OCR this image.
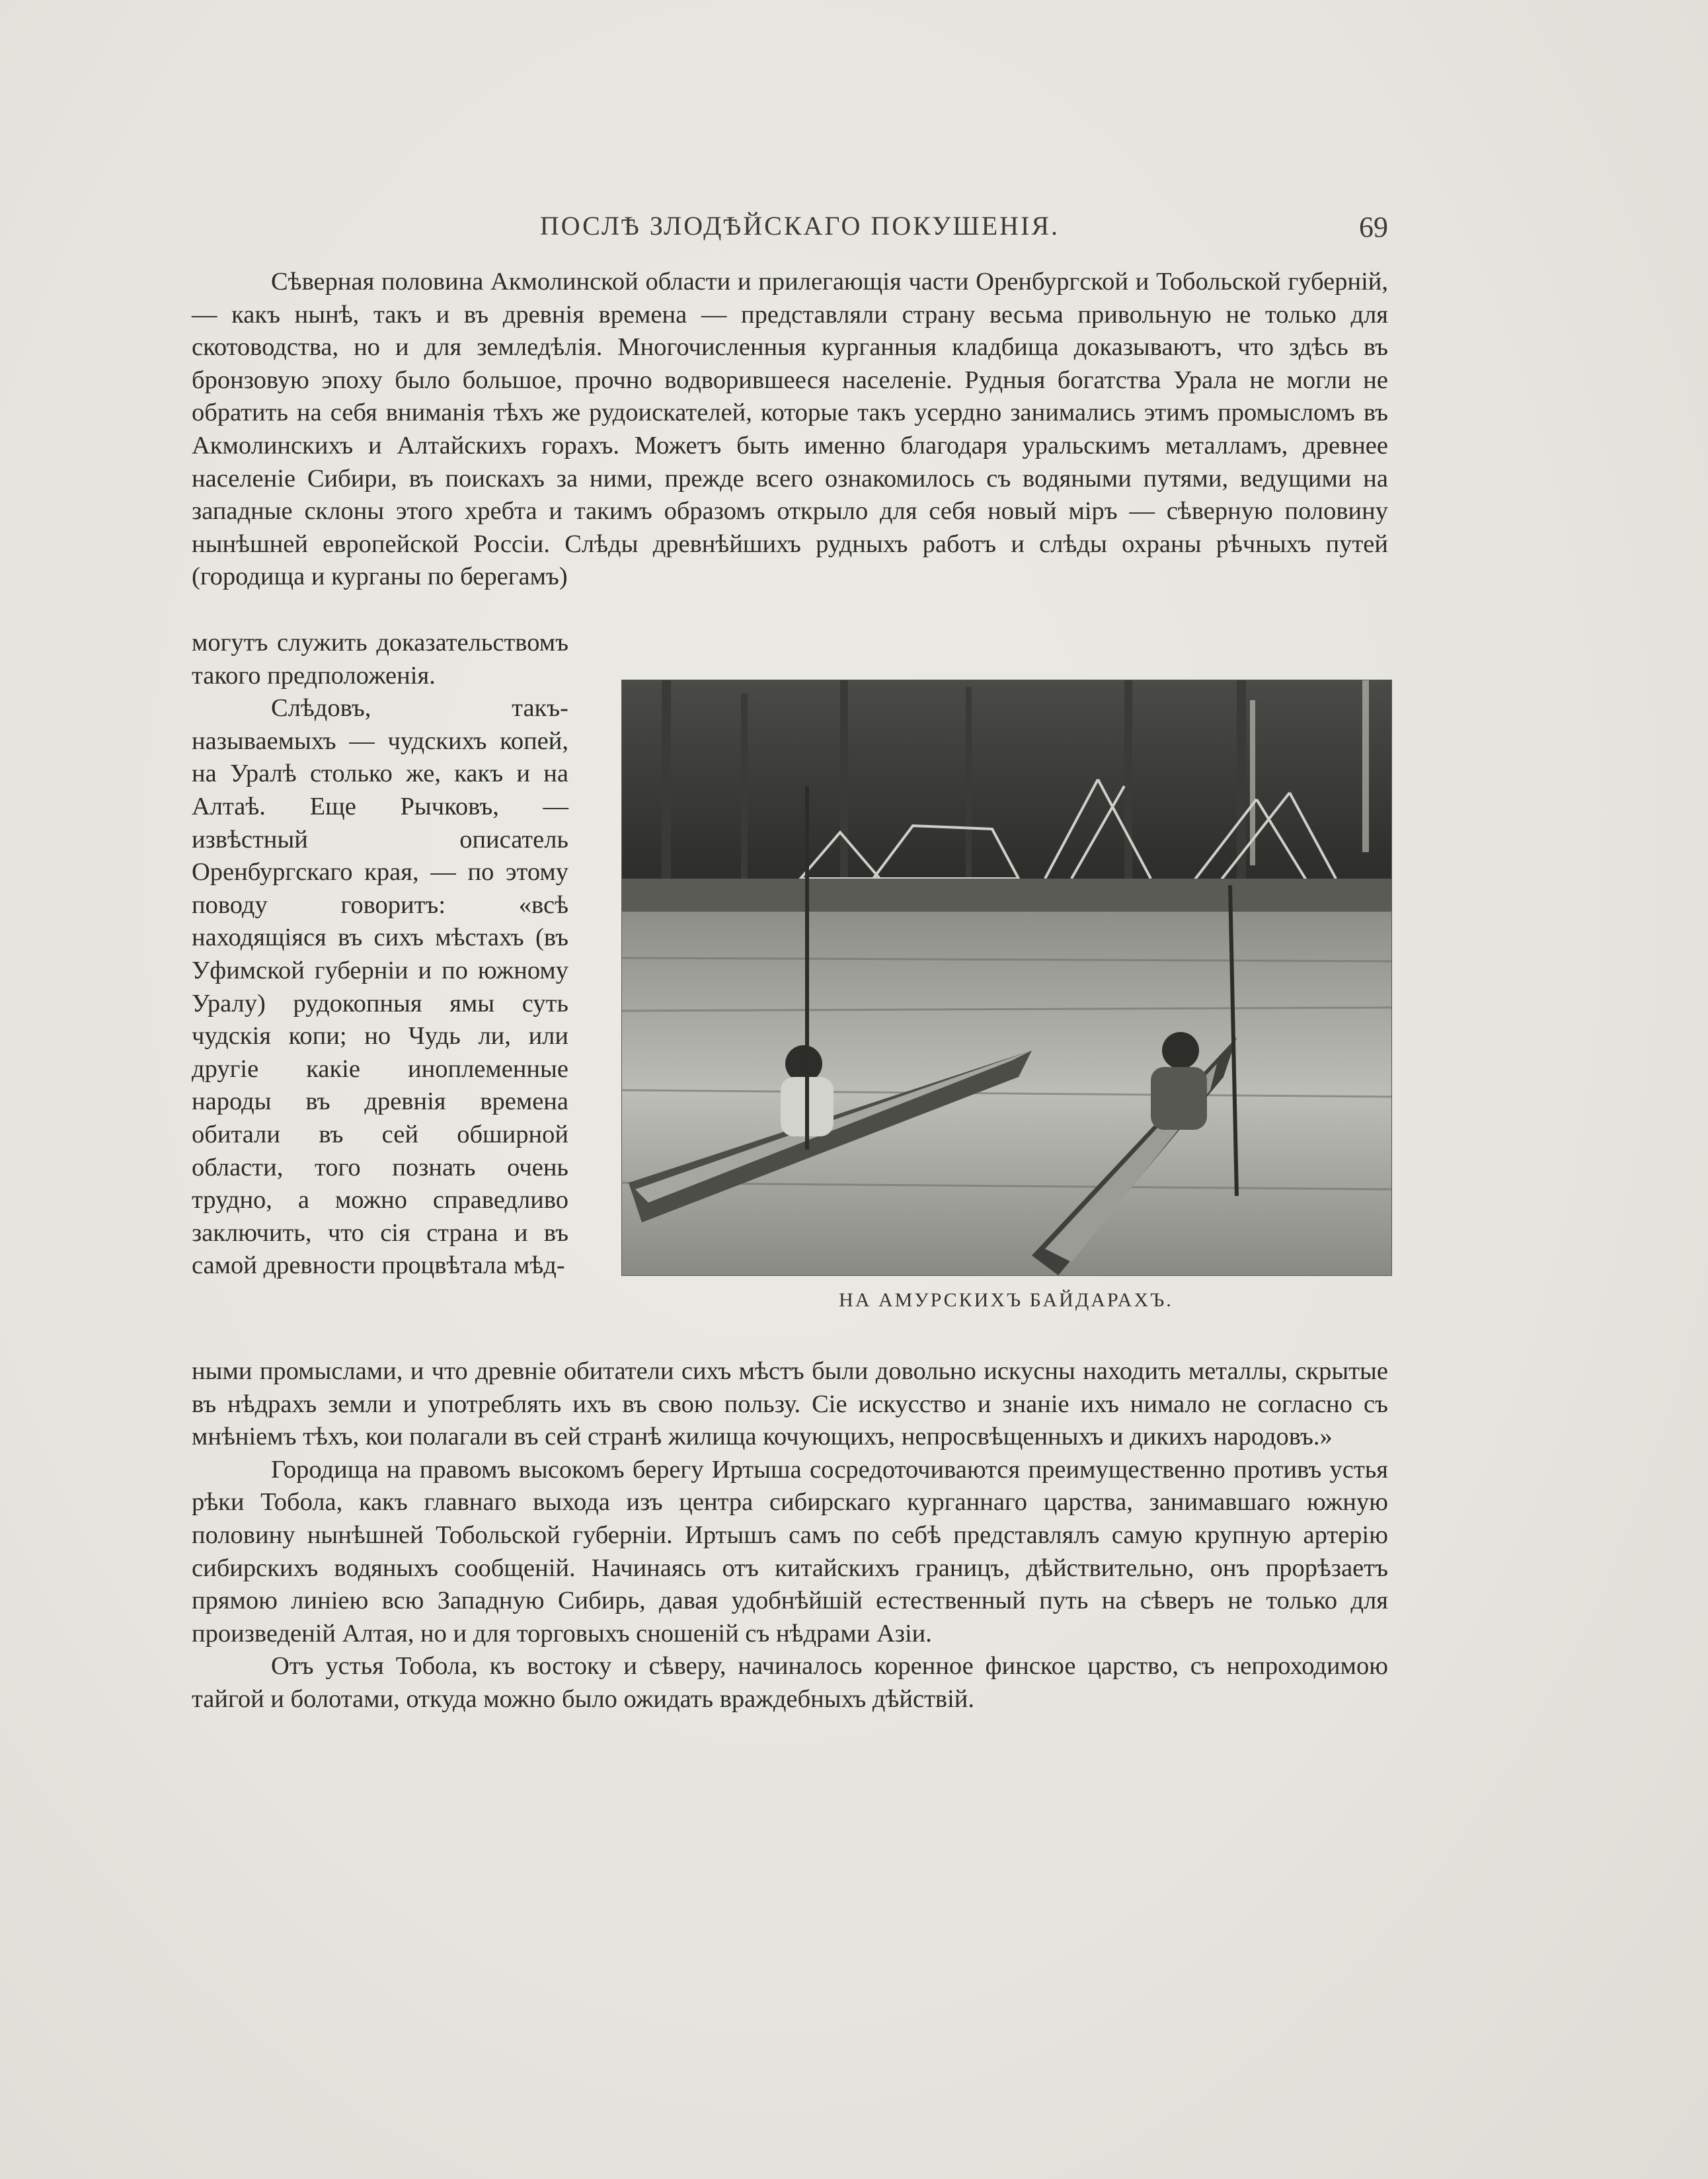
ПОСЛѢ ЗЛОДѢЙСКАГО ПОКУШЕНІЯ.	69

Сѣверная половина Акмолинской области и прилегающія части Оренбургской и Тобольской губерній, — какъ нынѣ, такъ и въ древнія времена — представляли страну весьма привольную не только для скотоводства, но и для земледѣлія. Многочисленныя курганныя кладбища доказываютъ, что здѣсь въ бронзовую эпоху было большое, прочно водворившееся населеніе. Рудныя богатства Урала не могли не обратить на себя вниманія тѣхъ же рудоискателей, которые такъ усердно занимались этимъ промысломъ въ Акмолинскихъ и Алтайскихъ горахъ. Можетъ быть именно благодаря уральскимъ металламъ, древнее населеніе Сибири, въ поискахъ за ними, прежде всего ознакомилось съ водяными путями, ведущими на западные склоны этого хребта и такимъ образомъ открыло для себя новый міръ — сѣверную половину нынѣшней европейской Россіи. Слѣды древнѣйшихъ рудныхъ работъ и слѣды охраны рѣчныхъ путей (городища и курганы по берегамъ)

могутъ служить доказательствомъ такого предположенія.

Слѣдовъ, такъ-называемыхъ — чудскихъ копей, на Уралѣ столько же, какъ и на Алтаѣ. Еще Рычковъ, — извѣстный описатель Оренбургскаго края, — по этому поводу говоритъ: «всѣ находящіяся въ сихъ мѣстахъ (въ Уфимской губерніи и по южному Уралу) рудокопныя ямы суть чудскія копи; но Чудь ли, или другіе какіе иноплеменные народы въ древнія времена обитали въ сей обширной области, того познать очень трудно, а можно справедливо заключить, что сія страна и въ самой древности процвѣтала мѣд-

НА АМУРСКИХЪ БАЙДАРАХЪ.

ными промыслами, и что древніе обитатели сихъ мѣстъ были довольно искусны находить металлы, скрытые въ нѣдрахъ земли и употреблять ихъ въ свою пользу. Сіе искусство и знаніе ихъ нимало не согласно съ мнѣніемъ тѣхъ, кои полагали въ сей странѣ жилища кочующихъ, непросвѣщенныхъ и дикихъ народовъ.»

Городища на правомъ высокомъ берегу Иртыша сосредоточиваются преимущественно противъ устья рѣки Тобола, какъ главнаго выхода изъ центра сибирскаго курганнаго царства, занимавшаго южную половину нынѣшней Тобольской губерніи. Иртышъ самъ по себѣ представлялъ самую крупную артерію сибирскихъ водяныхъ сообщеній. Начинаясь отъ китайскихъ границъ, дѣйствительно, онъ прорѣзаетъ прямою линіею всю Западную Сибирь, давая удобнѣйшій естественный путь на сѣверъ не только для произведеній Алтая, но и для торговыхъ сношеній съ нѣдрами Азіи.

Отъ устья Тобола, къ востоку и сѣверу, начиналось коренное финское царство, съ непроходимою тайгой и болотами, откуда можно было ожидать враждебныхъ дѣйствій.
